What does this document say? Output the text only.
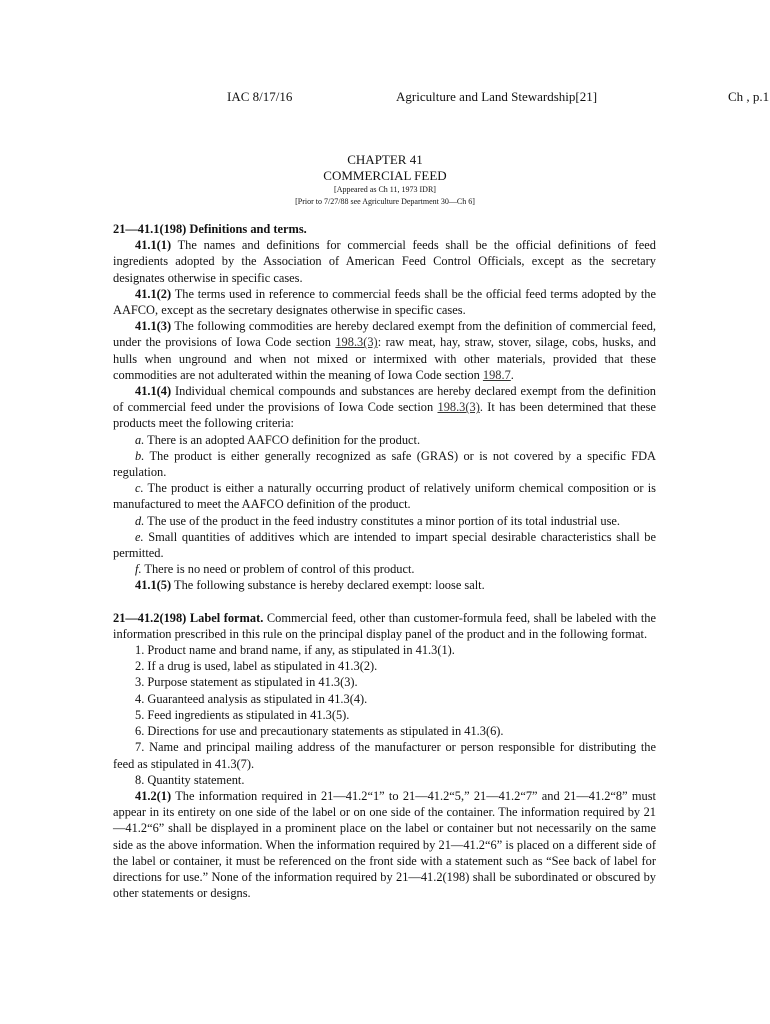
IAC 8/17/16	Agriculture and Land Stewardship[21]	Ch , p.1
CHAPTER 41
COMMERCIAL FEED
[Appeared as Ch 11, 1973 IDR]
[Prior to 7/27/88 see Agriculture Department 30—Ch 6]

21—41.1(198) Definitions and terms.

41.1(1) The names and definitions for commercial feeds shall be the official definitions of feed ingredients adopted by the Association of American Feed Control Officials, except as the secretary designates otherwise in specific cases.

41.1(2) The terms used in reference to commercial feeds shall be the official feed terms adopted by the AAFCO, except as the secretary designates otherwise in specific cases.

41.1(3) The following commodities are hereby declared exempt from the definition of commercial feed, under the provisions of Iowa Code section 198.3(3): raw meat, hay, straw, stover, silage, cobs, husks, and hulls when unground and when not mixed or intermixed with other materials, provided that these commodities are not adulterated within the meaning of Iowa Code section 198.7.

41.1(4) Individual chemical compounds and substances are hereby declared exempt from the definition of commercial feed under the provisions of Iowa Code section 198.3(3). It has been determined that these products meet the following criteria:

a. There is an adopted AAFCO definition for the product.

b. The product is either generally recognized as safe (GRAS) or is not covered by a specific FDA regulation.

c. The product is either a naturally occurring product of relatively uniform chemical composition or is manufactured to meet the AAFCO definition of the product.

d. The use of the product in the feed industry constitutes a minor portion of its total industrial use.

e. Small quantities of additives which are intended to impart special desirable characteristics shall be permitted.

f. There is no need or problem of control of this product.

41.1(5) The following substance is hereby declared exempt: loose salt.

21—41.2(198) Label format. Commercial feed, other than customer-formula feed, shall be labeled with the information prescribed in this rule on the principal display panel of the product and in the following format.

1. Product name and brand name, if any, as stipulated in 41.3(1).

2. If a drug is used, label as stipulated in 41.3(2).

3. Purpose statement as stipulated in 41.3(3).

4. Guaranteed analysis as stipulated in 41.3(4).

5. Feed ingredients as stipulated in 41.3(5).

6. Directions for use and precautionary statements as stipulated in 41.3(6).

7. Name and principal mailing address of the manufacturer or person responsible for distributing the feed as stipulated in 41.3(7).

8. Quantity statement.

41.2(1) The information required in 21—41.2“1” to 21—41.2“5,” 21—41.2“7” and 21—41.2“8” must appear in its entirety on one side of the label or on one side of the container. The information required by 21—41.2“6” shall be displayed in a prominent place on the label or container but not necessarily on the same side as the above information. When the information required by 21—41.2“6” is placed on a different side of the label or container, it must be referenced on the front side with a statement such as “See back of label for directions for use.” None of the information required by 21—41.2(198) shall be subordinated or obscured by other statements or designs.
